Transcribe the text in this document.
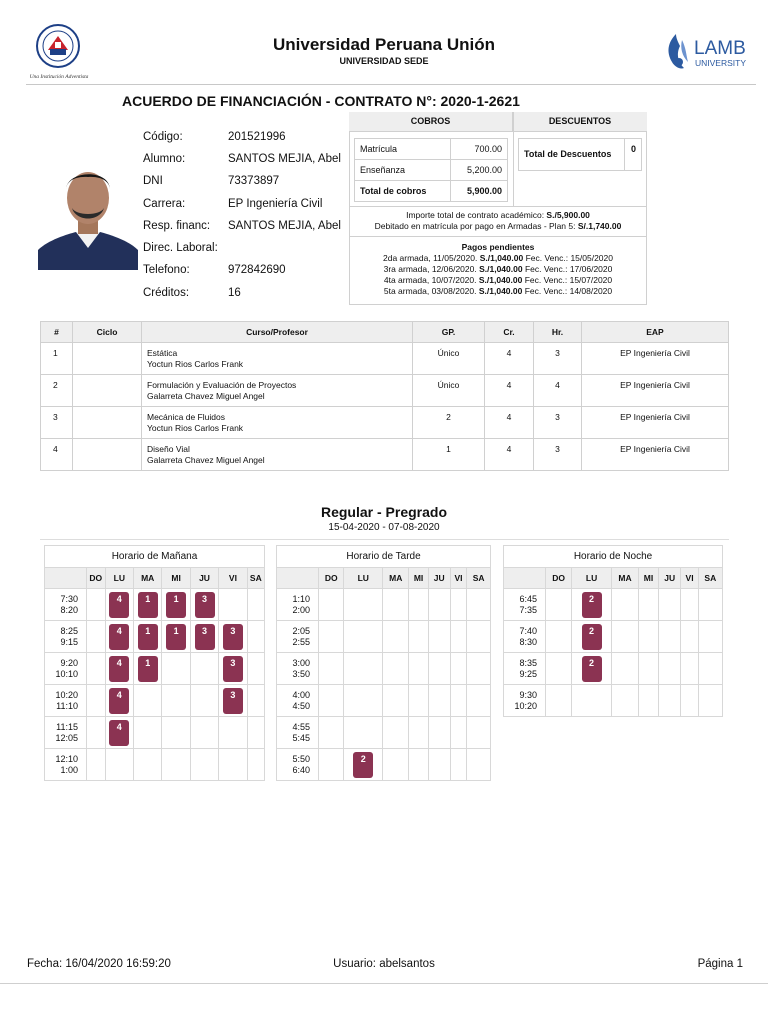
Una Institución Adventista
Universidad Peruana Unión
UNIVERSIDAD SEDE
LAMB
UNIVERSITY
ACUERDO DE FINANCIACIÓN - CONTRATO N°: 2020-1-2621
Código:	201521996
Alumno:	SANTOS MEJIA, Abel
DNI	73373897
Carrera:	EP Ingeniería Civil
Resp. financ: SANTOS MEJIA, Abel
Direc. Laboral:
Telefono:	972842690
Créditos:	16
COBROS	DESCUENTOS
Matrícula	700.00
Enseñanza	5,200.00
Total de cobros	5,900.00
Total de Descuentos	0
Importe total de contrato académico: S./5,900.00
Debitado en matrícula por pago en Armadas - Plan 5: S/.1,740.00
Pagos pendientes
2da armada, 11/05/2020. S./1,040.00 Fec. Venc.: 15/05/2020
3ra armada, 12/06/2020. S./1,040.00 Fec. Venc.: 17/06/2020
4ta armada, 10/07/2020. S./1,040.00 Fec. Venc.: 15/07/2020
5ta armada, 03/08/2020. S./1,040.00 Fec. Venc.: 14/08/2020
#	Ciclo	Curso/Profesor	GP.	Cr.	Hr.	EAP
1		Estática
Yoctun Rios Carlos Frank	Único	4	3	EP Ingeniería Civil
2		Formulación y Evaluación de Proyectos
Galarreta Chavez Miguel Angel	Único	4	4	EP Ingeniería Civil
3		Mecánica de Fluidos
Yoctun Rios Carlos Frank	2	4	3	EP Ingeniería Civil
4		Diseño Vial
Galarreta Chavez Miguel Angel	1	4	3	EP Ingeniería Civil
Regular - Pregrado
15-04-2020 - 07-08-2020
Horario de Mañana							
	DO	LU	MA	MI	JU	VI	SA

7:30
8:20		4	1	1	3		

8:25
9:15		4	1	1	3	3	

9:20
10:10		4	1			3	

10:20
11:10		4				3	

11:15
12:05		4					

12:10
1:00							

Horario de Tarde							
	DO	LU	MA	MI	JU	VI	SA

1:10
2:00							

2:05
2:55							

3:00
3:50							

4:00
4:50							

4:55
5:45							

5:50
6:40		2					
Horario de Noche							
	DO	LU	MA	MI	JU	VI	SA

6:45
7:35		2					

7:40
8:30		2					

8:35
9:25		2					

9:30
10:20							

Fecha: 16/04/2020 16:59:20	Usuario: abelsantos	Página 1
